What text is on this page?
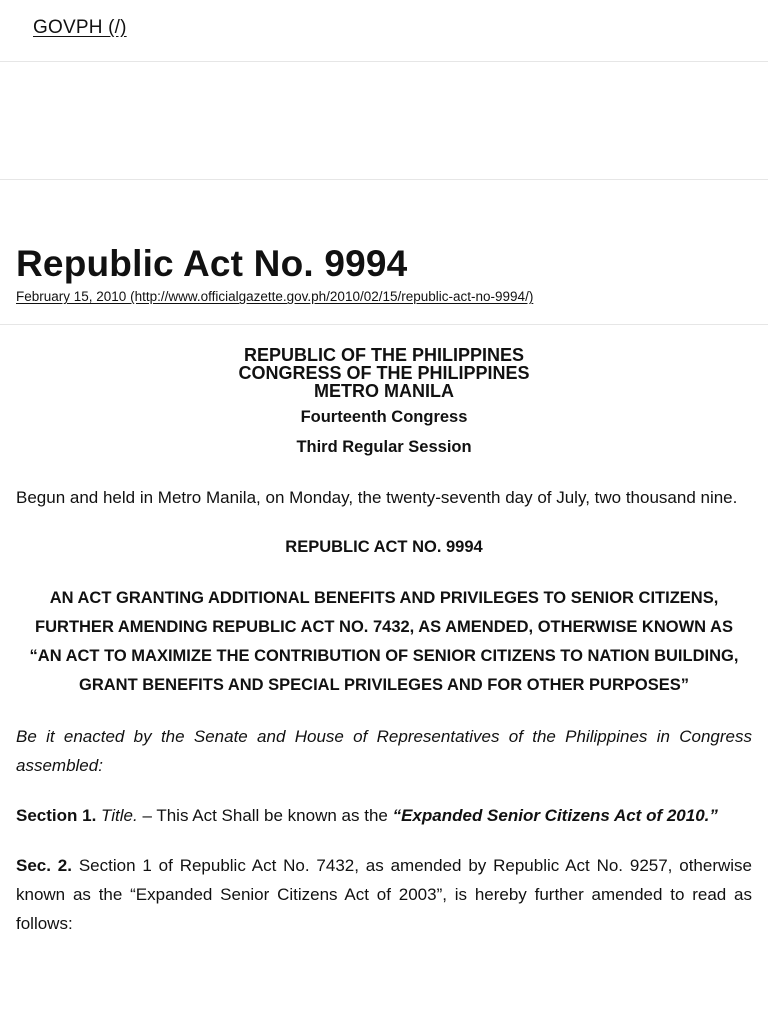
GOVPH (/)
Republic Act No. 9994
February 15, 2010 (http://www.officialgazette.gov.ph/2010/02/15/republic-act-no-9994/)
REPUBLIC OF THE PHILIPPINES
CONGRESS OF THE PHILIPPINES
METRO MANILA

Fourteenth Congress

Third Regular Session

Begun and held in Metro Manila, on Monday, the twenty-seventh day of July, two thousand nine.

REPUBLIC ACT NO. 9994

AN ACT GRANTING ADDITIONAL BENEFITS AND PRIVILEGES TO SENIOR CITIZENS, FURTHER AMENDING REPUBLIC ACT NO. 7432, AS AMENDED, OTHERWISE KNOWN AS “AN ACT TO MAXIMIZE THE CONTRIBUTION OF SENIOR CITIZENS TO NATION BUILDING, GRANT BENEFITS AND SPECIAL PRIVILEGES AND FOR OTHER PURPOSES”

Be it enacted by the Senate and House of Representatives of the Philippines in Congress assembled:

Section 1. Title. – This Act Shall be known as the “Expanded Senior Citizens Act of 2010.”

Sec. 2. Section 1 of Republic Act No. 7432, as amended by Republic Act No. 9257, otherwise known as the “Expanded Senior Citizens Act of 2003”, is hereby further amended to read as follows:
